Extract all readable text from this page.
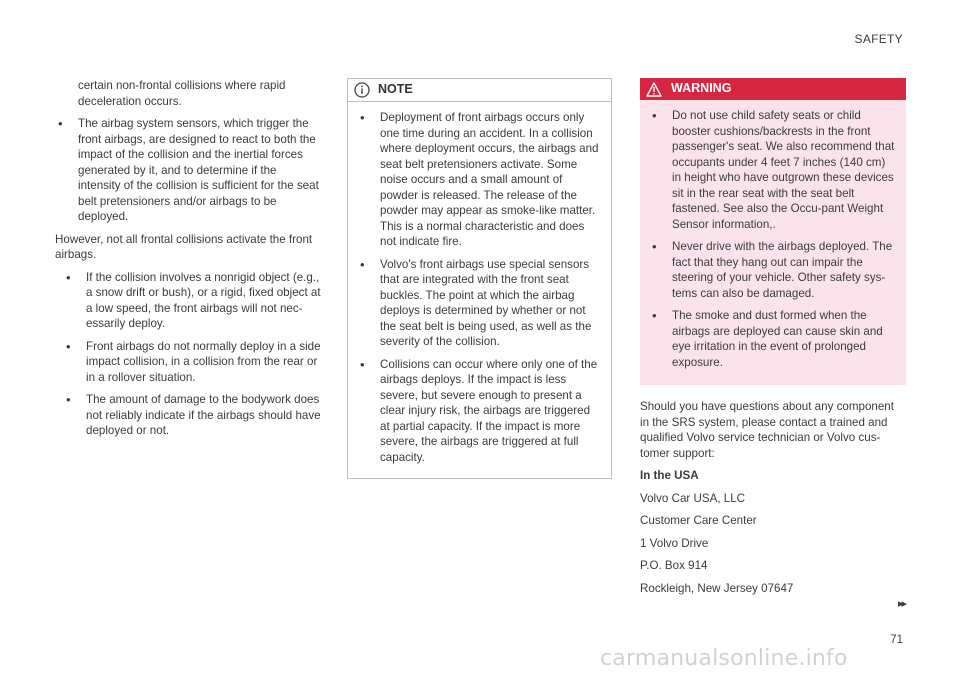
SAFETY
certain non-frontal collisions where rapid deceleration occurs.
• The airbag system sensors, which trigger the front airbags, are designed to react to both the impact of the collision and the inertial forces generated by it, and to determine if the intensity of the collision is sufficient for the seat belt pretensioners and/or airbags to be deployed.

However, not all frontal collisions activate the front airbags.

• If the collision involves a nonrigid object (e.g., a snow drift or bush), or a rigid, fixed object at a low speed, the front airbags will not nec-essarily deploy.
• Front airbags do not normally deploy in a side impact collision, in a collision from the rear or in a rollover situation.
• The amount of damage to the bodywork does not reliably indicate if the airbags should have deployed or not.
NOTE
• Deployment of front airbags occurs only one time during an accident. In a collision where deployment occurs, the airbags and seat belt pretensioners activate. Some noise occurs and a small amount of powder is released. The release of the powder may appear as smoke-like matter. This is a normal characteristic and does not indicate fire.
• Volvo's front airbags use special sensors that are integrated with the front seat buckles. The point at which the airbag deploys is determined by whether or not the seat belt is being used, as well as the severity of the collision.
• Collisions can occur where only one of the airbags deploys. If the impact is less severe, but severe enough to present a clear injury risk, the airbags are triggered at partial capacity. If the impact is more severe, the airbags are triggered at full capacity.
WARNING
• Do not use child safety seats or child booster cushions/backrests in the front passenger's seat. We also recommend that occupants under 4 feet 7 inches (140 cm) in height who have outgrown these devices sit in the rear seat with the seat belt fastened. See also the Occu-pant Weight Sensor information,.
• Never drive with the airbags deployed. The fact that they hang out can impair the steering of your vehicle. Other safety sys-tems can also be damaged.
• The smoke and dust formed when the airbags are deployed can cause skin and eye irritation in the event of prolonged exposure.

Should you have questions about any component in the SRS system, please contact a trained and qualified Volvo service technician or Volvo cus-tomer support:

In the USA

Volvo Car USA, LLC

Customer Care Center

1 Volvo Drive

P.O. Box 914

Rockleigh, New Jersey 07647

▸▸
71
carmanualsonline.info
